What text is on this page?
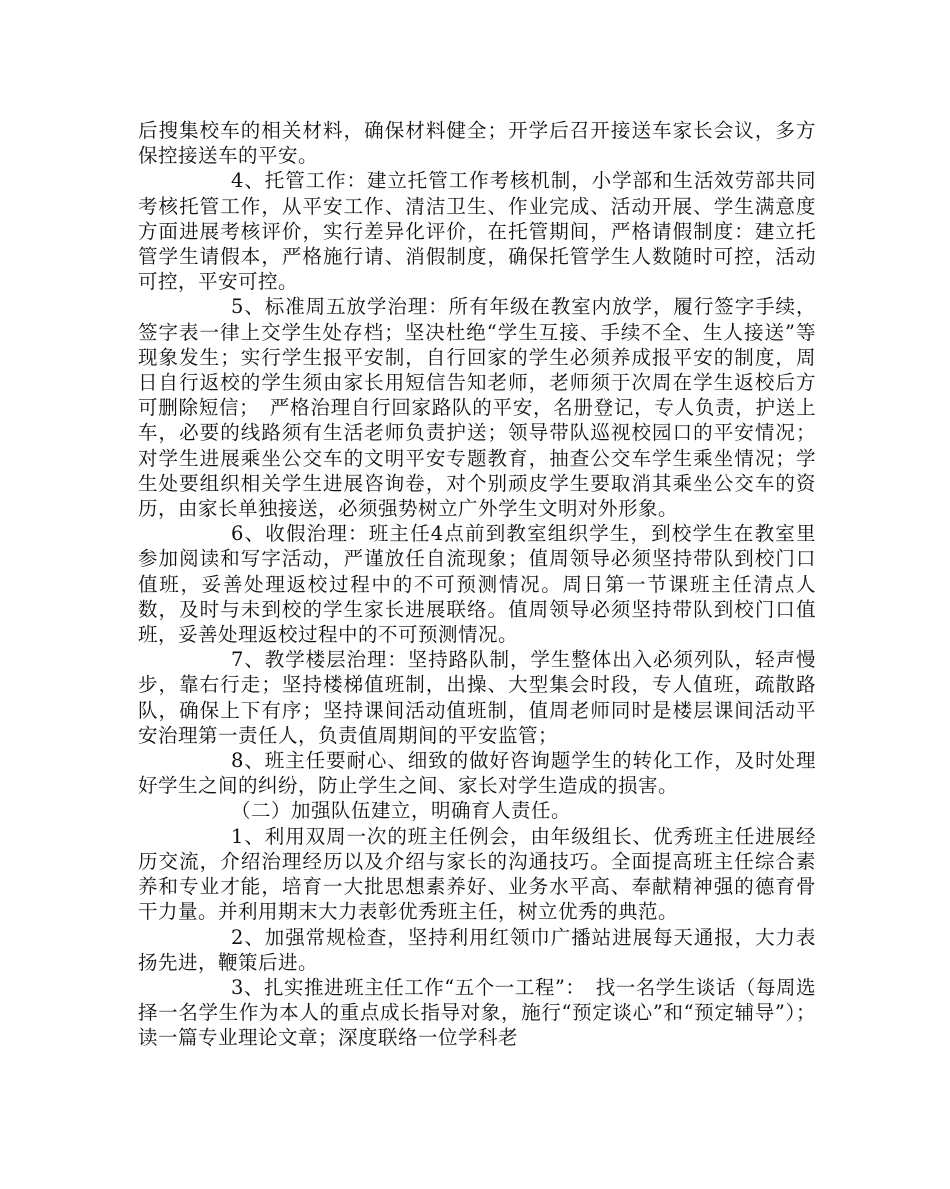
后搜集校车的相关材料，确保材料健全；开学后召开接送车家长会议，多方保控接送车的平安。

4、托管工作：建立托管工作考核机制，小学部和生活效劳部共同考核托管工作，从平安工作、清洁卫生、作业完成、活动开展、学生满意度方面进展考核评价，实行差异化评价，在托管期间，严格请假制度：建立托管学生请假本，严格施行请、消假制度，确保托管学生人数随时可控，活动可控，平安可控。

5、标准周五放学治理：所有年级在教室内放学，履行签字手续，签字表一律上交学生处存档；坚决杜绝“学生互接、手续不全、生人接送”等现象发生；实行学生报平安制，自行回家的学生必须养成报平安的制度，周日自行返校的学生须由家长用短信告知老师，老师须于次周在学生返校后方可删除短信；　严格治理自行回家路队的平安，名册登记，专人负责，护送上车，必要的线路须有生活老师负责护送；领导带队巡视校园口的平安情况；对学生进展乘坐公交车的文明平安专题教育，抽查公交车学生乘坐情况；学生处要组织相关学生进展咨询卷，对个别顽皮学生要取消其乘坐公交车的资历，由家长单独接送，必须强势树立广外学生文明对外形象。

6、收假治理：班主任4点前到教室组织学生，到校学生在教室里参加阅读和写字活动，严谨放任自流现象；值周领导必须坚持带队到校门口值班，妥善处理返校过程中的不可预测情况。周日第一节课班主任清点人数，及时与未到校的学生家长进展联络。值周领导必须坚持带队到校门口值班，妥善处理返校过程中的不可预测情况。

7、教学楼层治理：坚持路队制，学生整体出入必须列队，轻声慢步，靠右行走；坚持楼梯值班制，出操、大型集会时段，专人值班，疏散路队，确保上下有序；坚持课间活动值班制，值周老师同时是楼层课间活动平安治理第一责任人，负责值周期间的平安监管；

8、班主任要耐心、细致的做好咨询题学生的转化工作，及时处理好学生之间的纠纷，防止学生之间、家长对学生造成的损害。

（二）加强队伍建立，明确育人责任。

1、利用双周一次的班主任例会，由年级组长、优秀班主任进展经历交流，介绍治理经历以及介绍与家长的沟通技巧。全面提高班主任综合素养和专业才能，培育一大批思想素养好、业务水平高、奉献精神强的德育骨干力量。并利用期末大力表彰优秀班主任，树立优秀的典范。

2、加强常规检查，坚持利用红领巾广播站进展每天通报，大力表扬先进，鞭策后进。

3、扎实推进班主任工作“五个一工程”：　找一名学生谈话（每周选择一名学生作为本人的重点成长指导对象，施行“预定谈心”和“预定辅导”）；读一篇专业理论文章；深度联络一位学科老
